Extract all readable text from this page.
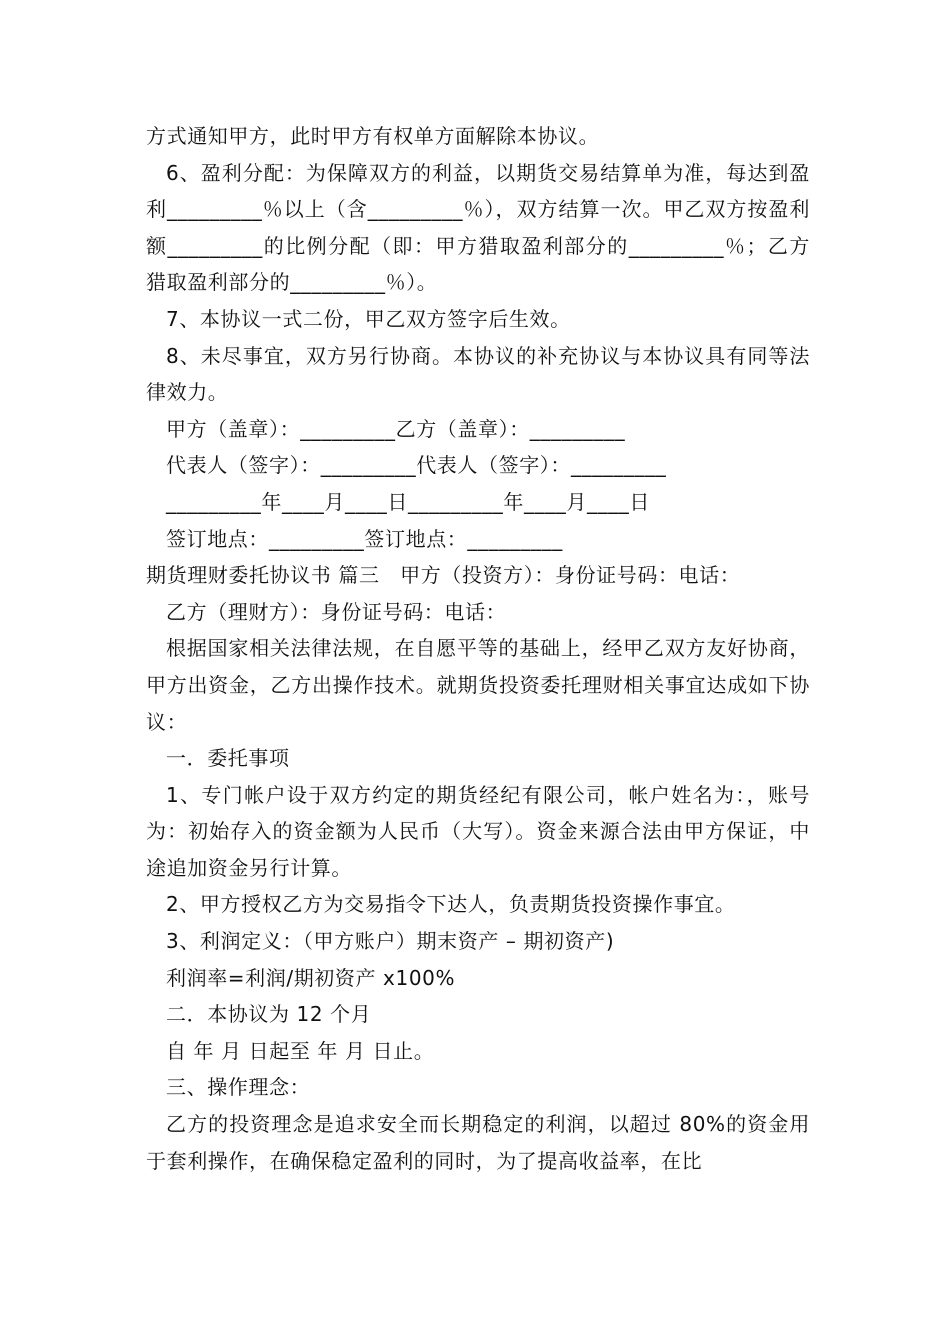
方式通知甲方，此时甲方有权单方面解除本协议。

6、盈利分配：为保障双方的利益，以期货交易结算单为准，每达到盈利_________％以上（含_________％），双方结算一次。甲乙双方按盈利额_________的比例分配（即：甲方猎取盈利部分的_________％；乙方猎取盈利部分的_________％）。

7、本协议一式二份，甲乙双方签字后生效。

8、未尽事宜，双方另行协商。本协议的补充协议与本协议具有同等法律效力。

甲方（盖章）：_________乙方（盖章）：_________

代表人（签字）：_________代表人（签字）：_________

_________年____月____日_________年____月____日

签订地点：_________签订地点：_________

期货理财委托协议书 篇三　甲方（投资方）：身份证号码：电话：

乙方（理财方）：身份证号码：电话：

根据国家相关法律法规，在自愿平等的基础上，经甲乙双方友好协商，甲方出资金，乙方出操作技术。就期货投资委托理财相关事宜达成如下协议：

一．委托事项

1、专门帐户设于双方约定的期货经纪有限公司，帐户姓名为：，账号为：初始存入的资金额为人民币（大写）。资金来源合法由甲方保证，中途追加资金另行计算。

2、甲方授权乙方为交易指令下达人，负责期货投资操作事宜。

3、利润定义：（甲方账户）期末资产 – 期初资产)

利润率=利润/期初资产 x100%

二．本协议为 12 个月

自 年 月 日起至 年 月 日止。

三、操作理念：

乙方的投资理念是追求安全而长期稳定的利润，以超过 80%的资金用于套利操作，在确保稳定盈利的同时，为了提高收益率，在比
